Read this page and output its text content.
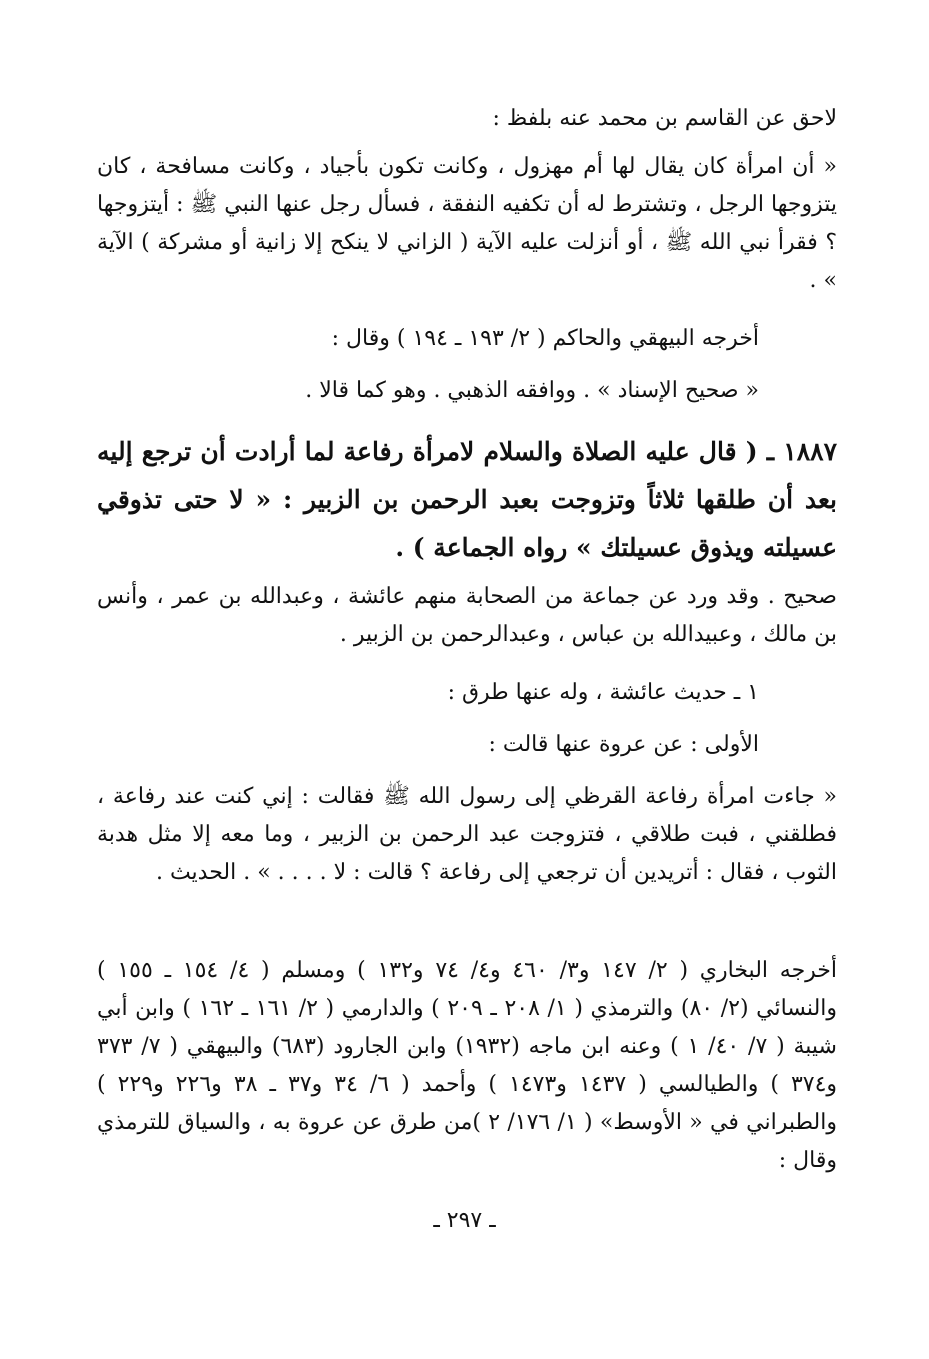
لاحق عن القاسم بن محمد عنه بلفظ :

« أن امرأة كان يقال لها أم مهزول ، وكانت تكون بأجياد ، وكانت مسافحة ، كان يتزوجها الرجل ، وتشترط له أن تكفيه النفقة ، فسأل رجل عنها النبي ﷺ : أيتزوجها ؟ فقرأ نبي الله ﷺ ، أو أنزلت عليه الآية ( الزاني لا ينكح إلا زانية أو مشركة ) الآية » .

أخرجه البيهقي والحاكم ( ٢/ ١٩٣ ـ ١٩٤ ) وقال :

« صحيح الإسناد » . ووافقه الذهبي . وهو كما قالا .

١٨٨٧ ـ ( قال عليه الصلاة والسلام لامرأة رفاعة لما أرادت أن ترجع إليه بعد أن طلقها ثلاثاً وتزوجت بعبد الرحمن بن الزبير : « لا حتى تذوقي عسيلته ويذوق عسيلتك » رواه الجماعة ) .

صحيح . وقد ورد عن جماعة من الصحابة منهم عائشة ، وعبدالله بن عمر ، وأنس بن مالك ، وعبيدالله بن عباس ، وعبدالرحمن بن الزبير .

١ ـ حديث عائشة ، وله عنها طرق :

الأولى : عن عروة عنها قالت :

« جاءت امرأة رفاعة القرظي إلى رسول الله ﷺ فقالت : إني كنت عند رفاعة ، فطلقني ، فبت طلاقي ، فتزوجت عبد الرحمن بن الزبير ، وما معه إلا مثل هدبة الثوب ، فقال : أتريدين أن ترجعي إلى رفاعة ؟ قالت : لا . . . . » . الحديث .

أخرجه البخاري ( ٢/ ١٤٧ و٣/ ٤٦٠ و٤/ ٧٤ و١٣٢ ) ومسلم ( ٤/ ١٥٤ ـ ١٥٥ ) والنسائي (٢/ ٨٠) والترمذي ( ١/ ٢٠٨ ـ ٢٠٩ ) والدارمي ( ٢/ ١٦١ ـ ١٦٢ ) وابن أبي شيبة ( ٧/ ٤٠/ ١ ) وعنه ابن ماجه (١٩٣٢) وابن الجارود (٦٨٣) والبيهقي ( ٧/ ٣٧٣ و٣٧٤ ) والطيالسي ( ١٤٣٧ و١٤٧٣ ) وأحمد ( ٦/ ٣٤ و٣٧ ـ ٣٨ و٢٢٦ و٢٢٩ ) والطبراني في « الأوسط» ( ١/ ١٧٦/ ٢ )من طرق عن عروة به ، والسياق للترمذي وقال :

ـ ٢٩٧ ـ
